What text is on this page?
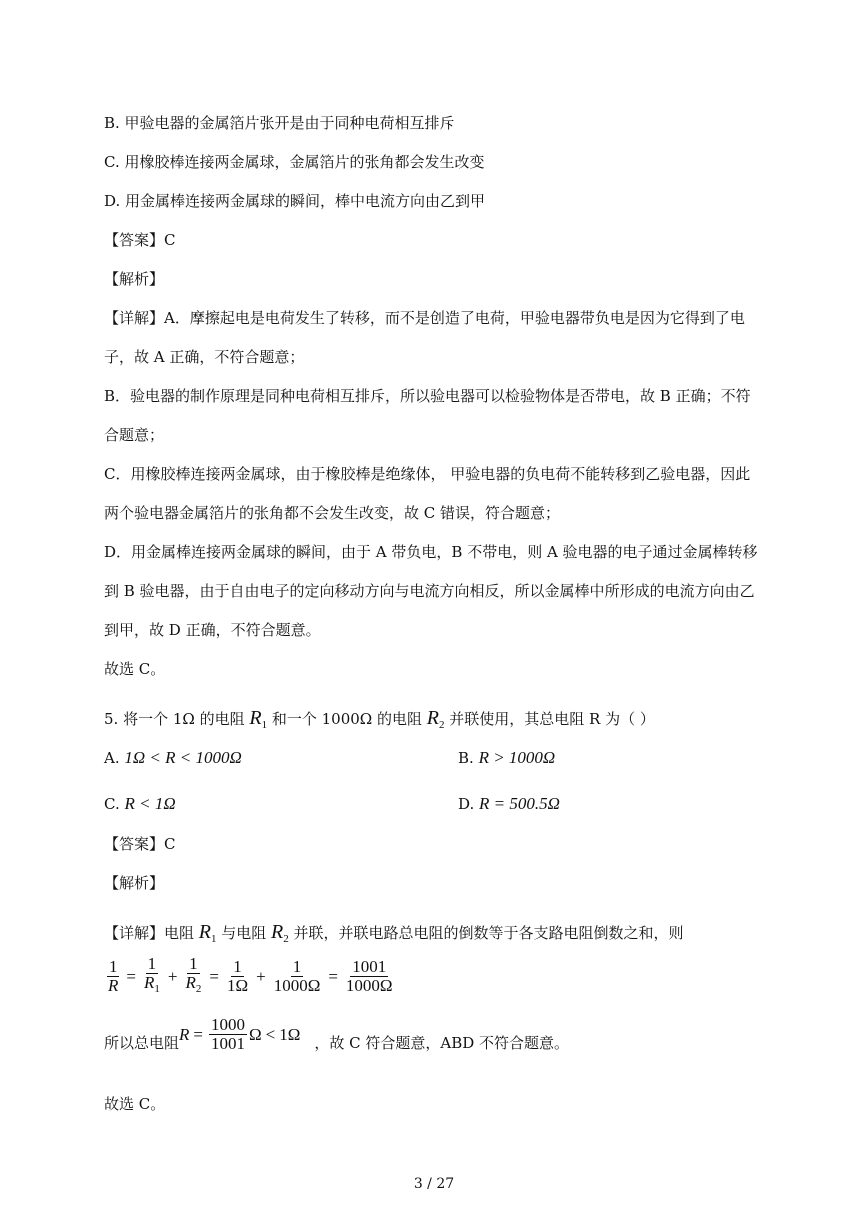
B. 甲验电器的金属箔片张开是由于同种电荷相互排斥
C. 用橡胶棒连接两金属球，金属箔片的张角都会发生改变
D. 用金属棒连接两金属球的瞬间，棒中电流方向由乙到甲
【答案】C
【解析】
【详解】A．摩擦起电是电荷发生了转移，而不是创造了电荷，甲验电器带负电是因为它得到了电
子，故 A 正确，不符合题意；
B．验电器的制作原理是同种电荷相互排斥，所以验电器可以检验物体是否带电，故 B 正确；不符
合题意；
C．用橡胶棒连接两金属球，由于橡胶棒是绝缘体， 甲验电器的负电荷不能转移到乙验电器，因此
两个验电器金属箔片的张角都不会发生改变，故 C 错误，符合题意；
D．用金属棒连接两金属球的瞬间，由于 A 带负电，B 不带电，则 A 验电器的电子通过金属棒转移
到 B 验电器，由于自由电子的定向移动方向与电流方向相反，所以金属棒中所形成的电流方向由乙
到甲，故 D 正确，不符合题意。
故选 C。
5. 将一个 1Ω 的电阻 $R_1$ 和一个 1000Ω 的电阻 $R_2$ 并联使用，其总电阻 R 为（ ）
A. 1Ω < R < 1000Ω	B. R > 1000Ω
C. R < 1Ω	D. R = 500.5Ω
【答案】C
【解析】
【详解】电阻 $R_1$ 与电阻 $R_2$ 并联，并联电路总电阻的倒数等于各支路电阻倒数之和，则
$\frac{1}{R} = \frac{1}{R_1} + \frac{1}{R_2} = \frac{1}{1\Omega} + \frac{1}{1000\Omega} = \frac{1001}{1000\Omega}$
所以总电阻 $R = \frac{1000}{1001}$ Ω < 1Ω ，故 C 符合题意，ABD 不符合题意。
故选 C。
3 / 27
